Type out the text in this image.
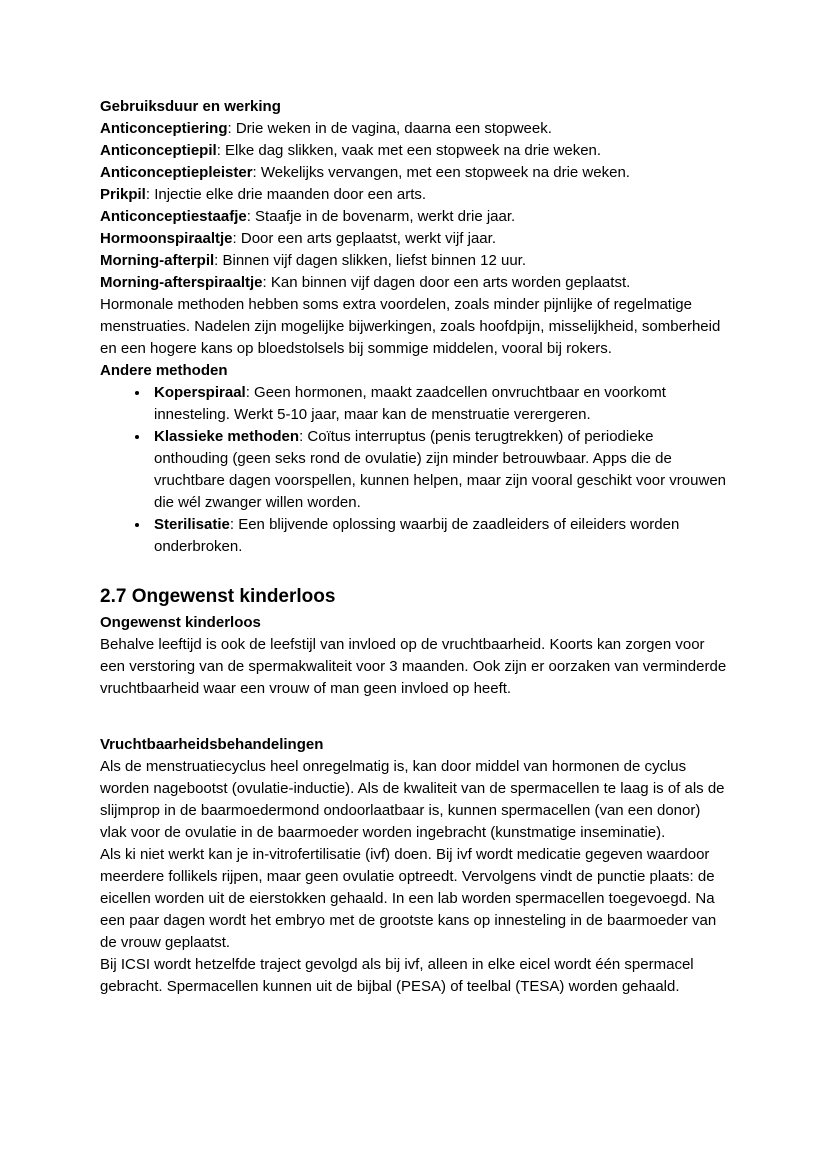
Gebruiksduur en werking

Anticonceptiering: Drie weken in de vagina, daarna een stopweek.

Anticonceptiepil: Elke dag slikken, vaak met een stopweek na drie weken.

Anticonceptiepleister: Wekelijks vervangen, met een stopweek na drie weken.

Prikpil: Injectie elke drie maanden door een arts.

Anticonceptiestaafje: Staafje in de bovenarm, werkt drie jaar.

Hormoonspiraaltje: Door een arts geplaatst, werkt vijf jaar.

Morning-afterpil: Binnen vijf dagen slikken, liefst binnen 12 uur.

Morning-afterspiraaltje: Kan binnen vijf dagen door een arts worden geplaatst.

Hormonale methoden hebben soms extra voordelen, zoals minder pijnlijke of regelmatige menstruaties. Nadelen zijn mogelijke bijwerkingen, zoals hoofdpijn, misselijkheid, somberheid en een hogere kans op bloedstolsels bij sommige middelen, vooral bij rokers.

Andere methoden

• Koperspiraal: Geen hormonen, maakt zaadcellen onvruchtbaar en voorkomt innesteling. Werkt 5-10 jaar, maar kan de menstruatie verergeren.
• Klassieke methoden: Coïtus interruptus (penis terugtrekken) of periodieke onthouding (geen seks rond de ovulatie) zijn minder betrouwbaar. Apps die de vruchtbare dagen voorspellen, kunnen helpen, maar zijn vooral geschikt voor vrouwen die wél zwanger willen worden.
• Sterilisatie: Een blijvende oplossing waarbij de zaadleiders of eileiders worden onderbroken.

2.7 Ongewenst kinderloos

Ongewenst kinderloos

Behalve leeftijd is ook de leefstijl van invloed op de vruchtbaarheid. Koorts kan zorgen voor een verstoring van de spermakwaliteit voor 3 maanden. Ook zijn er oorzaken van verminderde vruchtbaarheid waar een vrouw of man geen invloed op heeft.

Vruchtbaarheidsbehandelingen

Als de menstruatiecyclus heel onregelmatig is, kan door middel van hormonen de cyclus worden nagebootst (ovulatie-inductie). Als de kwaliteit van de spermacellen te laag is of als de slijmprop in de baarmoedermond ondoorlaatbaar is, kunnen spermacellen (van een donor) vlak voor de ovulatie in de baarmoeder worden ingebracht (kunstmatige inseminatie).

Als ki niet werkt kan je in-vitrofertilisatie (ivf) doen. Bij ivf wordt medicatie gegeven waardoor meerdere follikels rijpen, maar geen ovulatie optreedt. Vervolgens vindt de punctie plaats: de eicellen worden uit de eierstokken gehaald. In een lab worden spermacellen toegevoegd. Na een paar dagen wordt het embryo met de grootste kans op innesteling in de baarmoeder van de vrouw geplaatst.

Bij ICSI wordt hetzelfde traject gevolgd als bij ivf, alleen in elke eicel wordt één spermacel gebracht. Spermacellen kunnen uit de bijbal (PESA) of teelbal (TESA) worden gehaald.
